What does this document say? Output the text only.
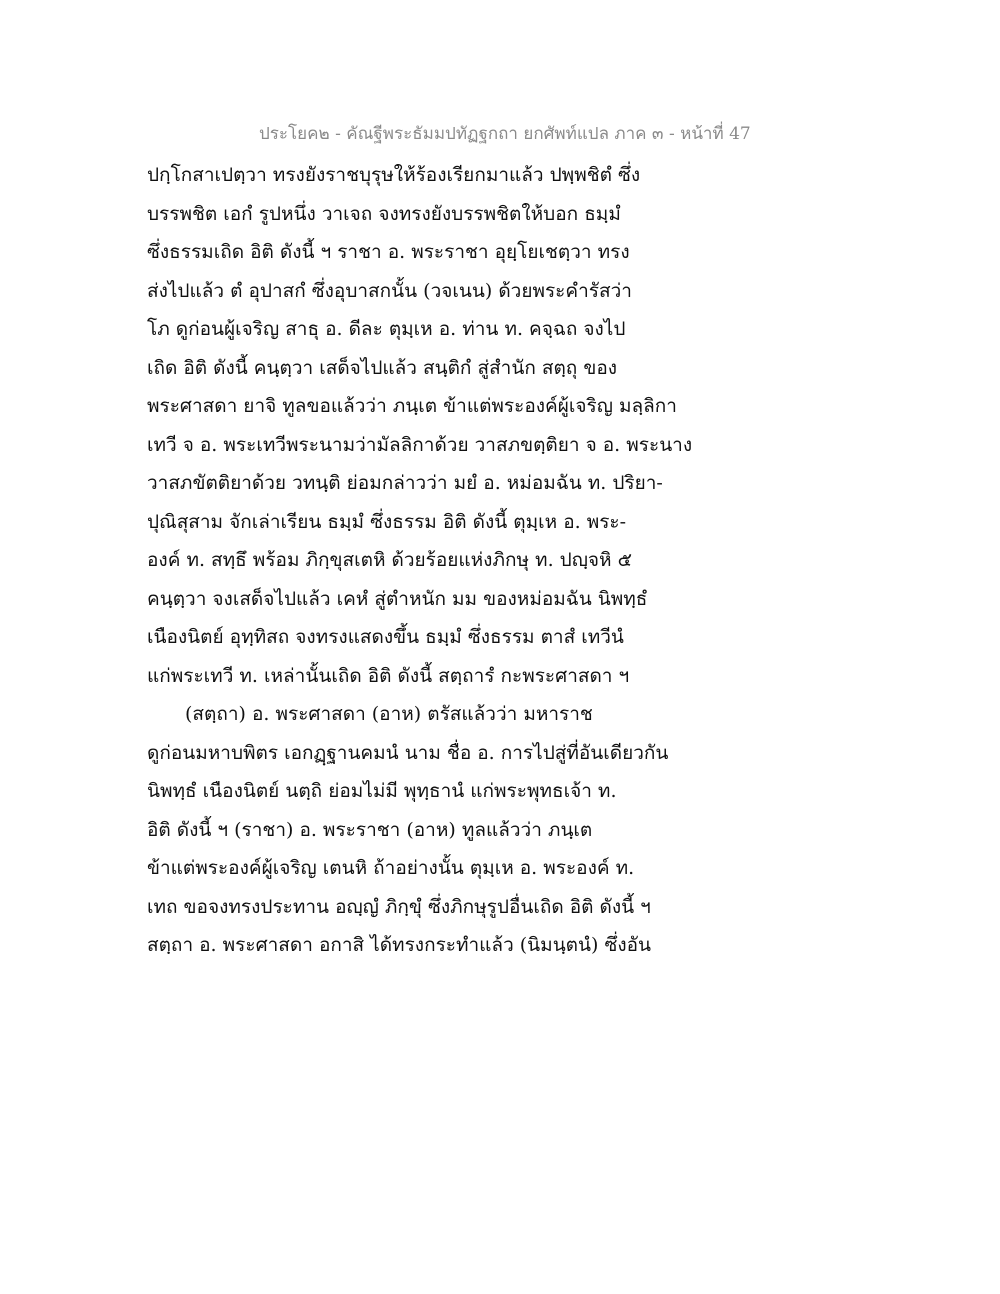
ประโยค๒ - คัณฐีพระธัมมปทัฏฐกถา ยกศัพท์แปล ภาค ๓ - หน้าที่ 47
ปกฺโกสาเปตฺวา ทรงยังราชบุรุษให้ร้องเรียกมาแล้ว ปพฺพชิตํ ซึ่ง
บรรพชิต เอกํ รูปหนึ่ง วาเจถ จงทรงยังบรรพชิตให้บอก ธมฺมํ
ซึ่งธรรมเถิด อิติ ดังนี้ ฯ ราชา อ. พระราชา อุยฺโยเชตฺวา ทรง
ส่งไปแล้ว ตํ อุปาสกํ ซึ่งอุบาสกนั้น (วจเนน) ด้วยพระคำรัสว่า
โภ ดูก่อนผู้เจริญ สาธุ อ. ดีละ ตุมฺเห อ. ท่าน ท. คจฺฉถ จงไป
เถิด อิติ ดังนี้ คนฺตฺวา เสด็จไปแล้ว สนฺติกํ สู่สำนัก สตฺถุ ของ
พระศาสดา ยาจิ ทูลขอแล้วว่า ภนฺเต ข้าแต่พระองค์ผู้เจริญ มลฺลิกา
เทวี จ อ. พระเทวีพระนามว่ามัลลิกาด้วย วาสภขตฺติยา จ อ. พระนาง
วาสภขัตติยาด้วย วทนฺติ ย่อมกล่าวว่า มยํ อ. หม่อมฉัน ท. ปริยา-
ปุณิสุสาม จักเล่าเรียน ธมฺมํ ซึ่งธรรม อิติ ดังนี้ ตุมฺเห อ. พระ-
องค์ ท. สทฺธึ พร้อม ภิกฺขุสเตหิ ด้วยร้อยแห่งภิกษุ ท. ปญฺจหิ ๕
คนฺตฺวา จงเสด็จไปแล้ว เคหํ สู่ตำหนัก มม ของหม่อมฉัน นิพทฺธํ
เนืองนิตย์ อุทฺทิสถ จงทรงแสดงขึ้น ธมฺมํ ซึ่งธรรม ตาสํ เทวีนํ
แก่พระเทวี ท. เหล่านั้นเถิด อิติ ดังนี้ สตฺถารํ กะพระศาสดา ฯ
(สตฺถา) อ. พระศาสดา (อาห) ตรัสแล้วว่า มหาราช
ดูก่อนมหาบพิตร เอกฏฺฐานคมนํ นาม ชื่อ อ. การไปสู่ที่อันเดียวกัน
นิพทฺธํ เนืองนิตย์ นตฺถิ ย่อมไม่มี พุทฺธานํ แก่พระพุทธเจ้า ท.
อิติ ดังนี้ ฯ (ราชา) อ. พระราชา (อาห) ทูลแล้วว่า ภนฺเต
ข้าแต่พระองค์ผู้เจริญ เตนหิ ถ้าอย่างนั้น ตุมฺเห อ. พระองค์ ท.
เทถ ขอจงทรงประทาน อญฺญํ ภิกฺขุํ ซึ่งภิกษุรูปอื่นเถิด อิติ ดังนี้ ฯ
สตฺถา อ. พระศาสดา อกาสิ ได้ทรงกระทำแล้ว (นิมนฺตนํ) ซึ่งอัน
